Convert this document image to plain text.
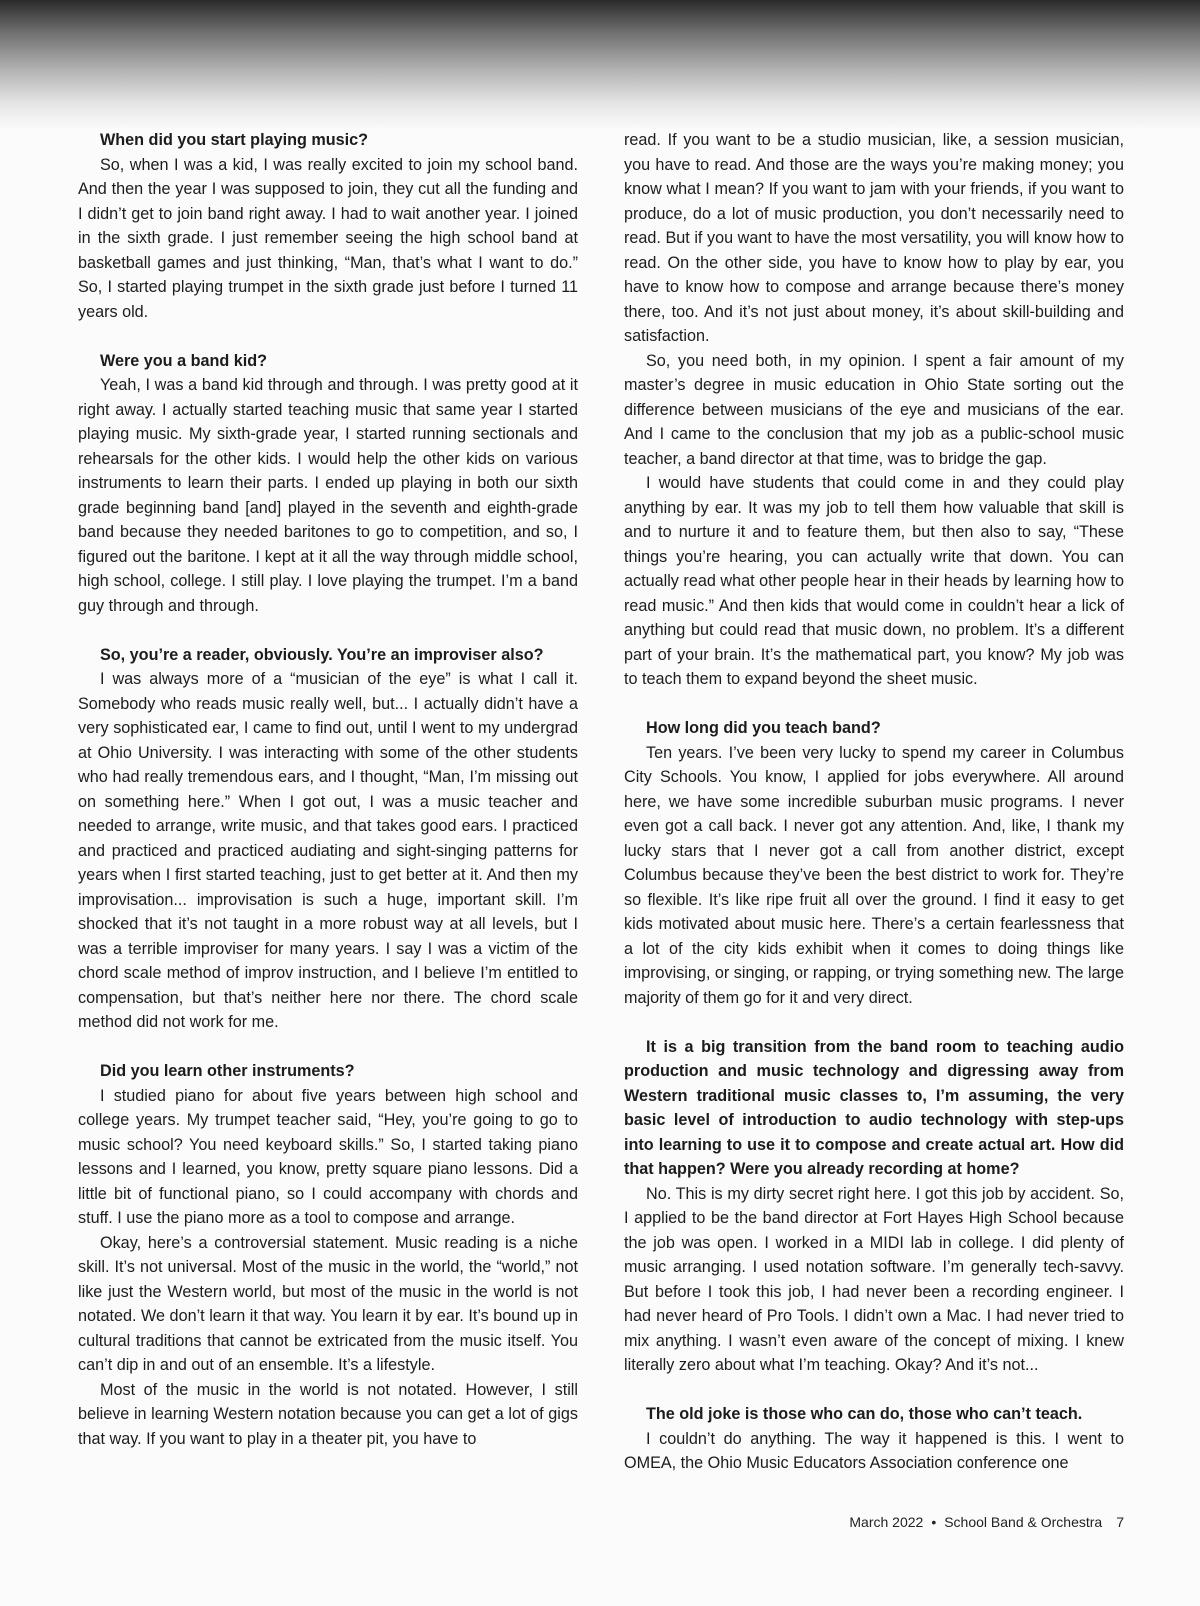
When did you start playing music?

So, when I was a kid, I was really excited to join my school band. And then the year I was supposed to join, they cut all the funding and I didn’t get to join band right away. I had to wait another year. I joined in the sixth grade. I just remember seeing the high school band at basketball games and just thinking, “Man, that’s what I want to do.” So, I started playing trumpet in the sixth grade just before I turned 11 years old.

Were you a band kid?

Yeah, I was a band kid through and through. I was pretty good at it right away. I actually started teaching music that same year I started playing music. My sixth-grade year, I started running sectionals and rehearsals for the other kids. I would help the other kids on various instruments to learn their parts. I ended up playing in both our sixth grade beginning band [and] played in the seventh and eighth-grade band because they needed baritones to go to competition, and so, I figured out the baritone. I kept at it all the way through middle school, high school, college. I still play. I love playing the trumpet. I’m a band guy through and through.

So, you’re a reader, obviously. You’re an improviser also?

I was always more of a “musician of the eye” is what I call it. Somebody who reads music really well, but... I actually didn’t have a very sophisticated ear, I came to find out, until I went to my undergrad at Ohio University. I was interacting with some of the other students who had really tremendous ears, and I thought, “Man, I’m missing out on something here.” When I got out, I was a music teacher and needed to arrange, write music, and that takes good ears. I practiced and practiced and practiced audiating and sight-singing patterns for years when I first started teaching, just to get better at it. And then my improvisation... improvisation is such a huge, important skill. I’m shocked that it’s not taught in a more robust way at all levels, but I was a terrible improviser for many years. I say I was a victim of the chord scale method of improv instruction, and I believe I’m entitled to compensation, but that’s neither here nor there. The chord scale method did not work for me.

Did you learn other instruments?

I studied piano for about five years between high school and college years. My trumpet teacher said, “Hey, you’re going to go to music school? You need keyboard skills.” So, I started taking piano lessons and I learned, you know, pretty square piano lessons. Did a little bit of functional piano, so I could accompany with chords and stuff. I use the piano more as a tool to compose and arrange.

Okay, here’s a controversial statement. Music reading is a niche skill. It’s not universal. Most of the music in the world, the “world,” not like just the Western world, but most of the music in the world is not notated. We don’t learn it that way. You learn it by ear. It’s bound up in cultural traditions that cannot be extricated from the music itself. You can’t dip in and out of an ensemble. It’s a lifestyle.

Most of the music in the world is not notated. However, I still believe in learning Western notation because you can get a lot of gigs that way. If you want to play in a theater pit, you have to

read. If you want to be a studio musician, like, a session musician, you have to read. And those are the ways you’re making money; you know what I mean? If you want to jam with your friends, if you want to produce, do a lot of music production, you don’t necessarily need to read. But if you want to have the most versatility, you will know how to read. On the other side, you have to know how to play by ear, you have to know how to compose and arrange because there’s money there, too. And it’s not just about money, it’s about skill-building and satisfaction.

So, you need both, in my opinion. I spent a fair amount of my master’s degree in music education in Ohio State sorting out the difference between musicians of the eye and musicians of the ear. And I came to the conclusion that my job as a public-school music teacher, a band director at that time, was to bridge the gap.

I would have students that could come in and they could play anything by ear. It was my job to tell them how valuable that skill is and to nurture it and to feature them, but then also to say, “These things you’re hearing, you can actually write that down. You can actually read what other people hear in their heads by learning how to read music.” And then kids that would come in couldn’t hear a lick of anything but could read that music down, no problem. It’s a different part of your brain. It’s the mathematical part, you know? My job was to teach them to expand beyond the sheet music.

How long did you teach band?

Ten years. I’ve been very lucky to spend my career in Columbus City Schools. You know, I applied for jobs everywhere. All around here, we have some incredible suburban music programs. I never even got a call back. I never got any attention. And, like, I thank my lucky stars that I never got a call from another district, except Columbus because they’ve been the best district to work for. They’re so flexible. It’s like ripe fruit all over the ground. I find it easy to get kids motivated about music here. There’s a certain fearlessness that a lot of the city kids exhibit when it comes to doing things like improvising, or singing, or rapping, or trying something new. The large majority of them go for it and very direct.

It is a big transition from the band room to teaching audio production and music technology and digressing away from Western traditional music classes to, I’m assuming, the very basic level of introduction to audio technology with step-ups into learning to use it to compose and create actual art. How did that happen? Were you already recording at home?

No. This is my dirty secret right here. I got this job by accident. So, I applied to be the band director at Fort Hayes High School because the job was open. I worked in a MIDI lab in college. I did plenty of music arranging. I used notation software. I’m generally tech-savvy. But before I took this job, I had never been a recording engineer. I had never heard of Pro Tools. I didn’t own a Mac. I had never tried to mix anything. I wasn’t even aware of the concept of mixing. I knew literally zero about what I’m teaching. Okay? And it’s not...

The old joke is those who can do, those who can’t teach.

I couldn’t do anything. The way it happened is this. I went to OMEA, the Ohio Music Educators Association conference one

March 2022 • School Band & Orchestra 7
